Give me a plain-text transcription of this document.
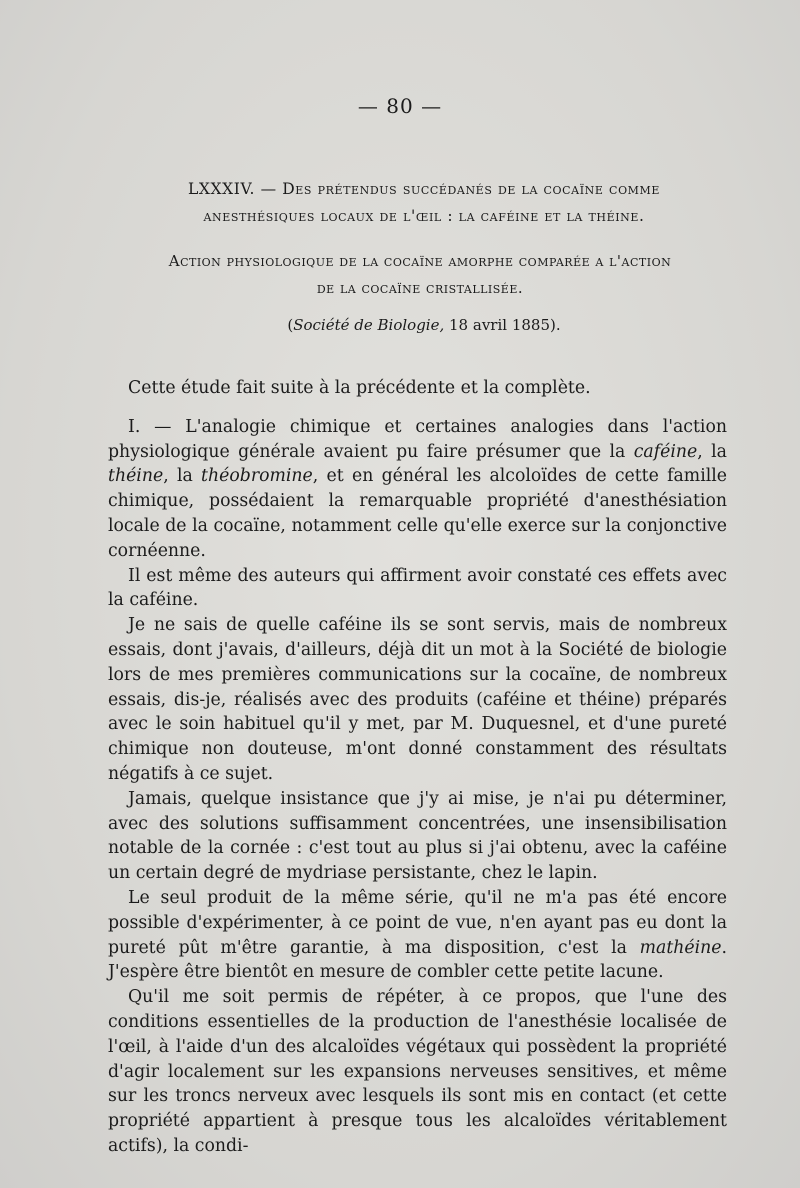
— 80 —
LXXXIV. — Des prétendus succédanés de la cocaïne comme
anesthésiques locaux de l'œil : la caféine et la théine.
Action physiologique de la cocaïne amorphe comparée a l'action
de la cocaïne cristallisée.
(Société de Biologie, 18 avril 1885).

Cette étude fait suite à la précédente et la complète.

I. — L'analogie chimique et certaines analogies dans l'action physiologique générale avaient pu faire présumer que la caféine, la théine, la théobromine, et en général les alcoloïdes de cette famille chimique, possédaient la remarquable propriété d'anesthésiation locale de la cocaïne, notamment celle qu'elle exerce sur la conjonctive cornéenne.

Il est même des auteurs qui affirment avoir constaté ces effets avec la caféine.

Je ne sais de quelle caféine ils se sont servis, mais de nombreux essais, dont j'avais, d'ailleurs, déjà dit un mot à la Société de biologie lors de mes premières communications sur la cocaïne, de nombreux essais, dis-je, réalisés avec des produits (caféine et théine) préparés avec le soin habituel qu'il y met, par M. Duquesnel, et d'une pureté chimique non douteuse, m'ont donné constamment des résultats négatifs à ce sujet.

Jamais, quelque insistance que j'y ai mise, je n'ai pu déterminer, avec des solutions suffisamment concentrées, une insensibilisation notable de la cornée : c'est tout au plus si j'ai obtenu, avec la caféine un certain degré de mydriase persistante, chez le lapin.

Le seul produit de la même série, qu'il ne m'a pas été encore possible d'expérimenter, à ce point de vue, n'en ayant pas eu dont la pureté pût m'être garantie, à ma disposition, c'est la mathéine. J'espère être bientôt en mesure de combler cette petite lacune.

Qu'il me soit permis de répéter, à ce propos, que l'une des conditions essentielles de la production de l'anesthésie localisée de l'œil, à l'aide d'un des alcaloïdes végétaux qui possèdent la propriété d'agir localement sur les expansions nerveuses sensitives, et même sur les troncs nerveux avec lesquels ils sont mis en contact (et cette propriété appartient à presque tous les alcaloïdes véritablement actifs), la condi-
